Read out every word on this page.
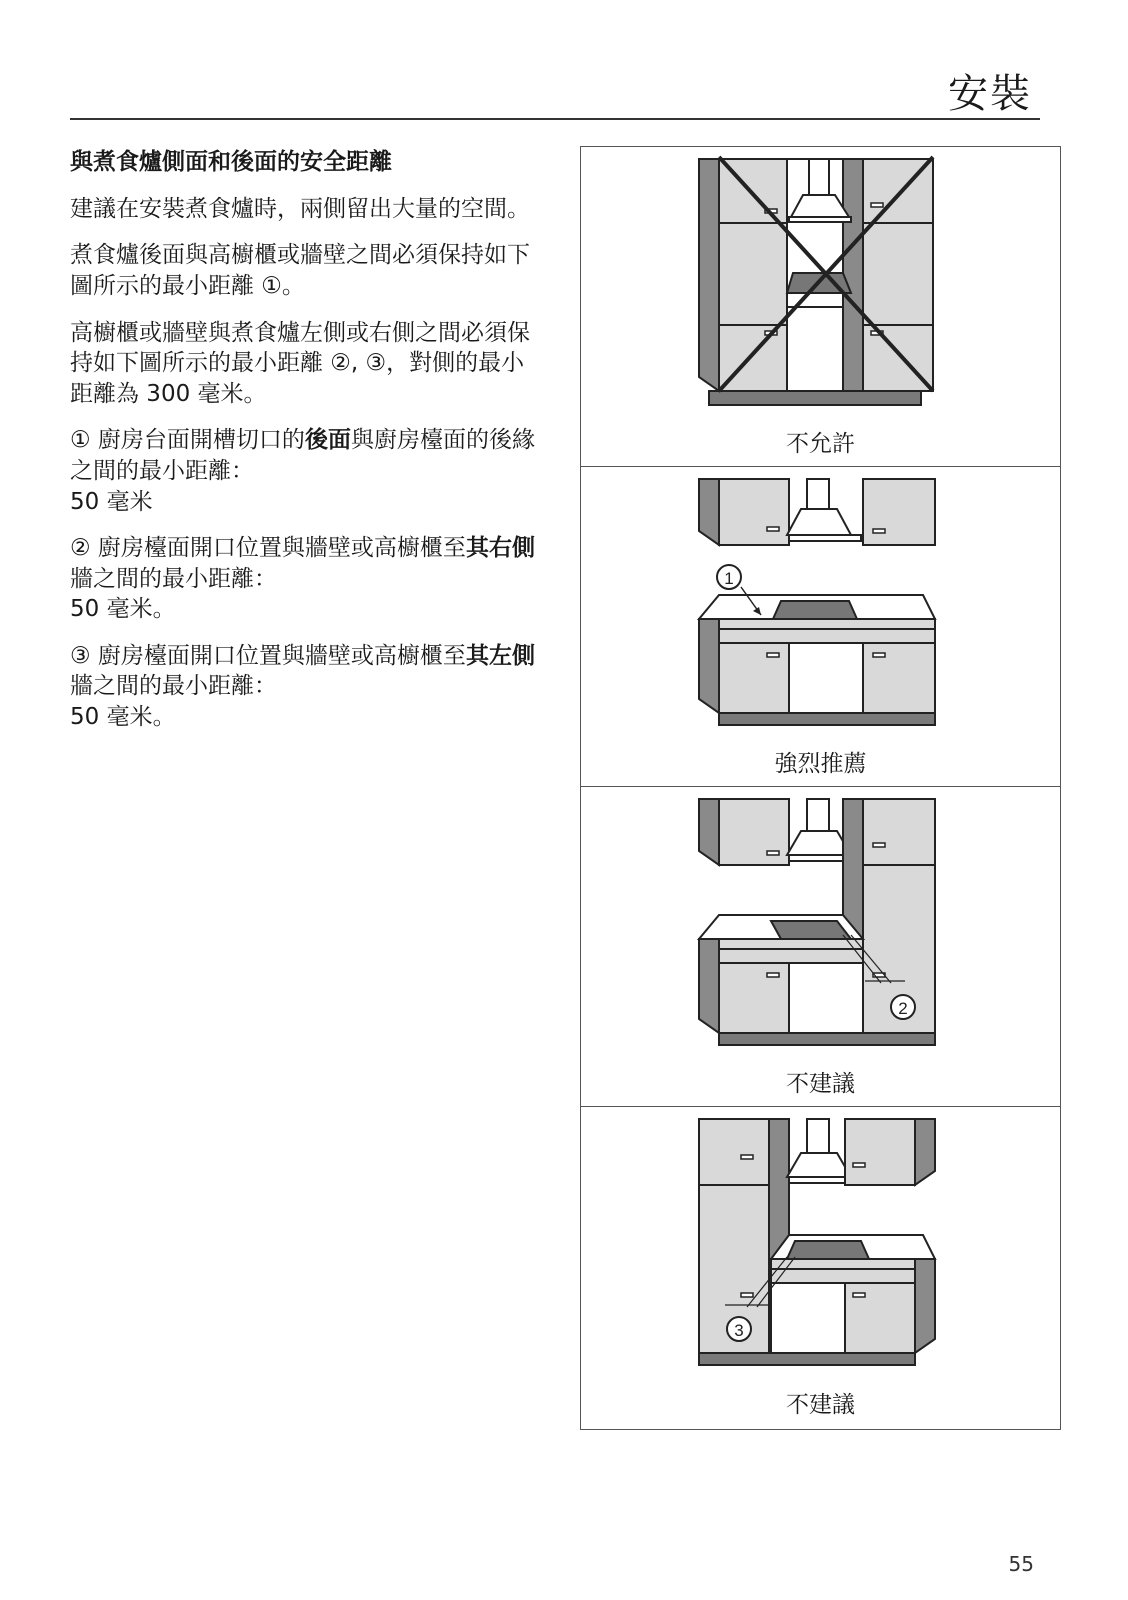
安裝
與煮食爐側面和後面的安全距離

建議在安裝煮食爐時，兩側留出大量的空間。

煮食爐後面與高櫥櫃或牆壁之間必須保持如下圖所示的最小距離 ①。

高櫥櫃或牆壁與煮食爐左側或右側之間必須保持如下圖所示的最小距離 ②, ③，對側的最小距離為 300 毫米。

① 廚房台面開槽切口的後面與廚房檯面的後緣之間的最小距離：
50 毫米

② 廚房檯面開口位置與牆壁或高櫥櫃至其右側牆之間的最小距離：
50 毫米。

③ 廚房檯面開口位置與牆壁或高櫥櫃至其左側牆之間的最小距離：
50 毫米。

不允許
1
強烈推薦
2
不建議
3
不建議
55
